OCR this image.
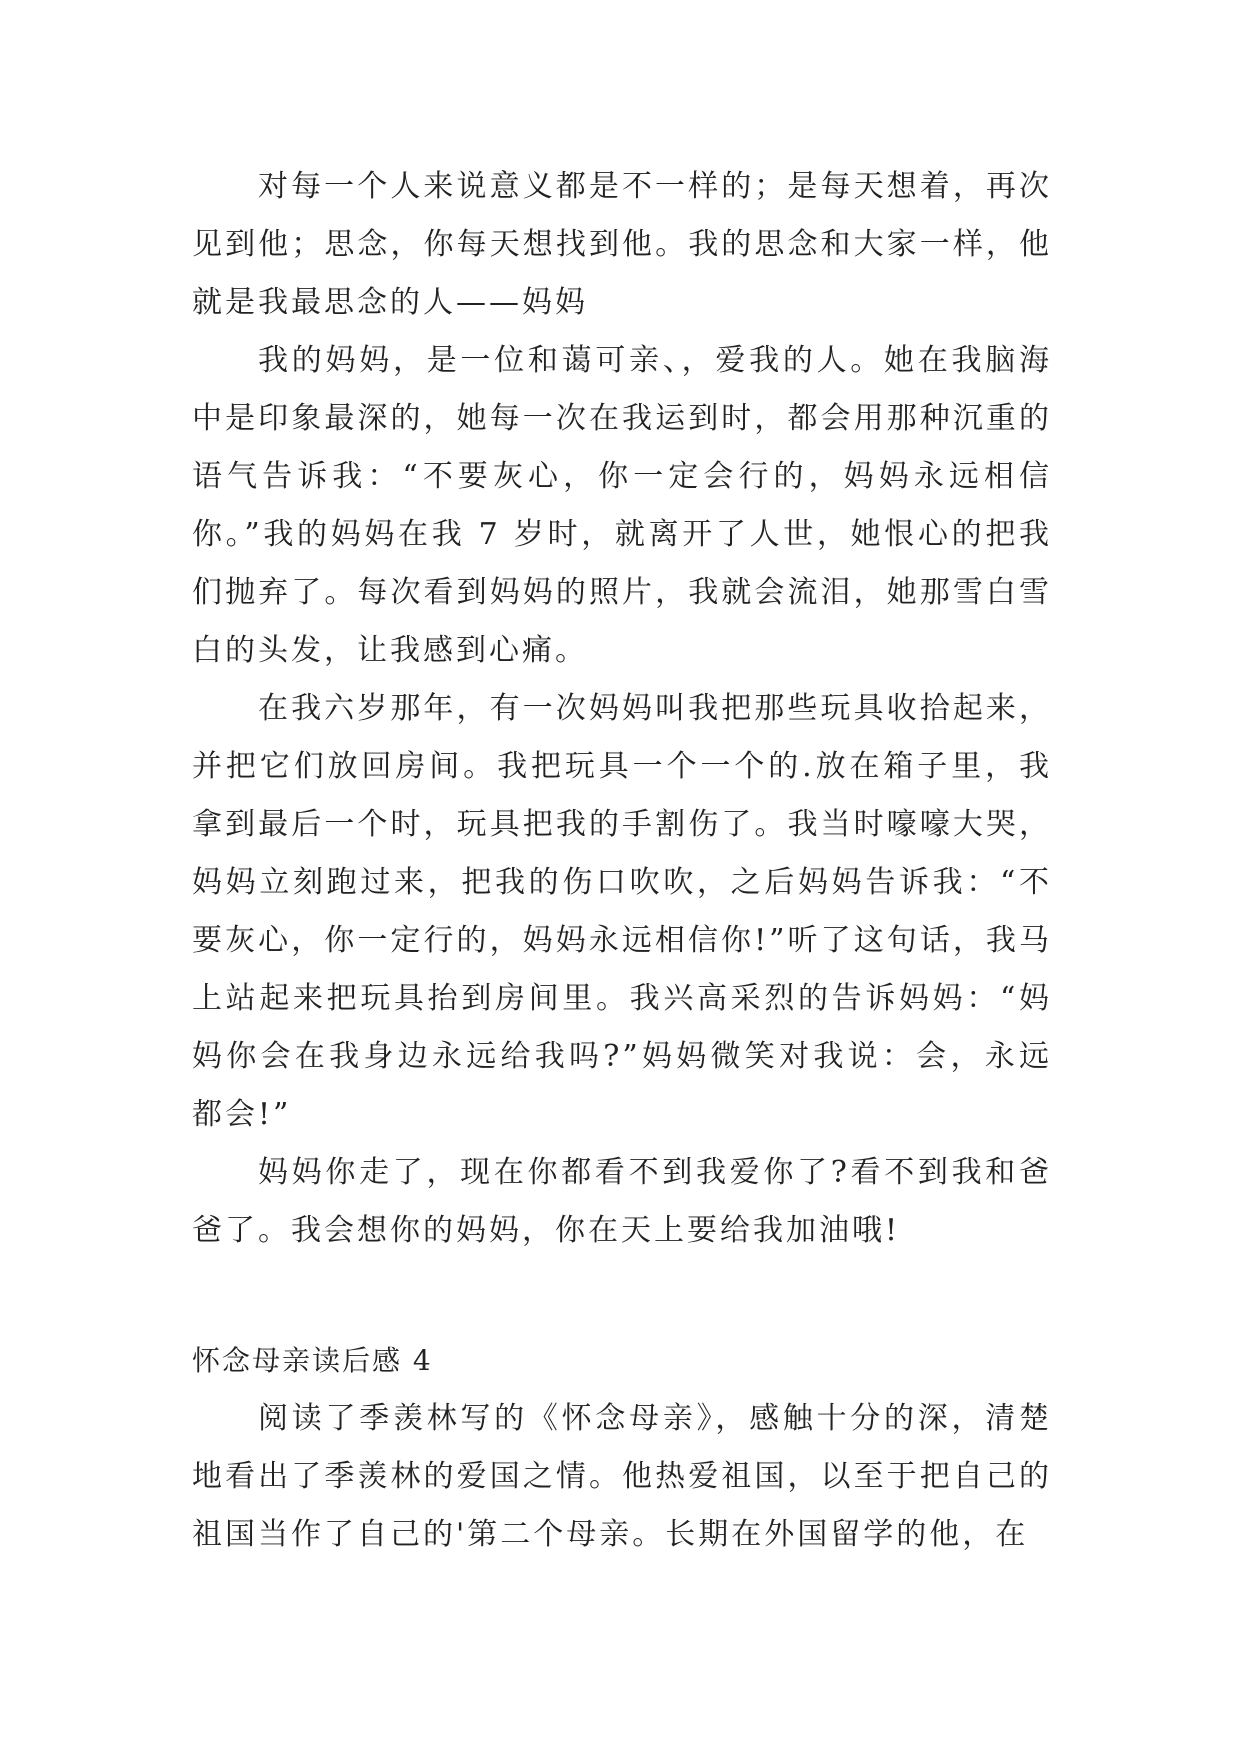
对每一个人来说意义都是不一样的；是每天想着，再次见到他；思念，你每天想找到他。我的思念和大家一样，他就是我最思念的人——妈妈

我的妈妈，是一位和蔼可亲、，爱我的人。她在我脑海中是印象最深的，她每一次在我运到时，都会用那种沉重的语气告诉我：“不要灰心，你一定会行的，妈妈永远相信你。”我的妈妈在我 7 岁时，就离开了人世，她恨心的把我们抛弃了。每次看到妈妈的照片，我就会流泪，她那雪白雪白的头发，让我感到心痛。

在我六岁那年，有一次妈妈叫我把那些玩具收拾起来，并把它们放回房间。我把玩具一个一个的.放在箱子里，我拿到最后一个时，玩具把我的手割伤了。我当时嚎嚎大哭，妈妈立刻跑过来，把我的伤口吹吹，之后妈妈告诉我：“不要灰心，你一定行的，妈妈永远相信你!”听了这句话，我马上站起来把玩具抬到房间里。我兴高采烈的告诉妈妈：“妈妈你会在我身边永远给我吗?”妈妈微笑对我说：会，永远都会!”

妈妈你走了，现在你都看不到我爱你了?看不到我和爸爸了。我会想你的妈妈，你在天上要给我加油哦!

怀念母亲读后感 4

阅读了季羡林写的《怀念母亲》，感触十分的深，清楚地看出了季羡林的爱国之情。他热爱祖国，以至于把自己的祖国当作了自己的'第二个母亲。长期在外国留学的他，在
